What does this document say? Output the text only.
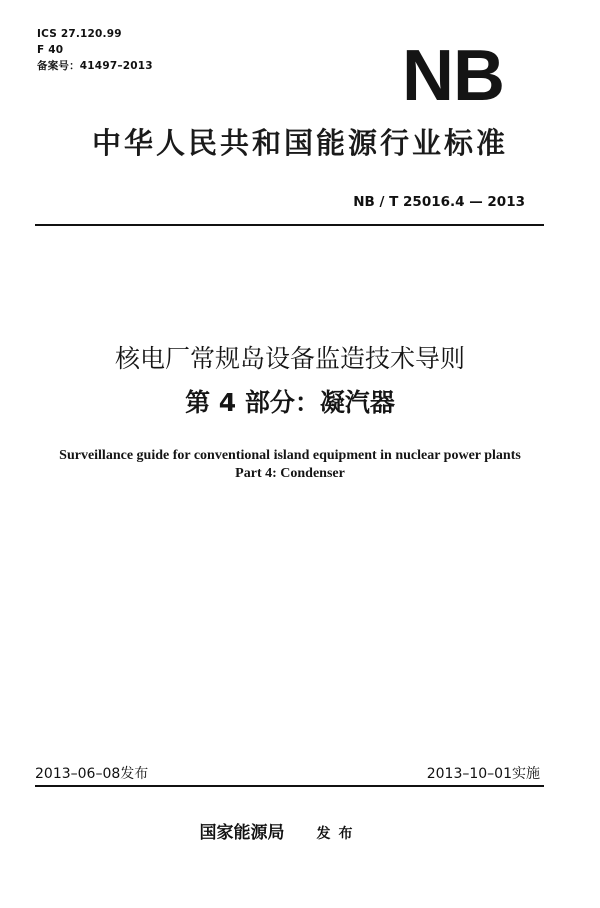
ICS 27.120.99
F 40
备案号：41497–2013	NB
中华人民共和国能源行业标准
NB / T 25016.4 — 2013
核电厂常规岛设备监造技术导则
第 4 部分：凝汽器
Surveillance guide for conventional island equipment in nuclear power plants
Part 4: Condenser
2013–06–08发布	2013–10–01实施
国家能源局 发布
